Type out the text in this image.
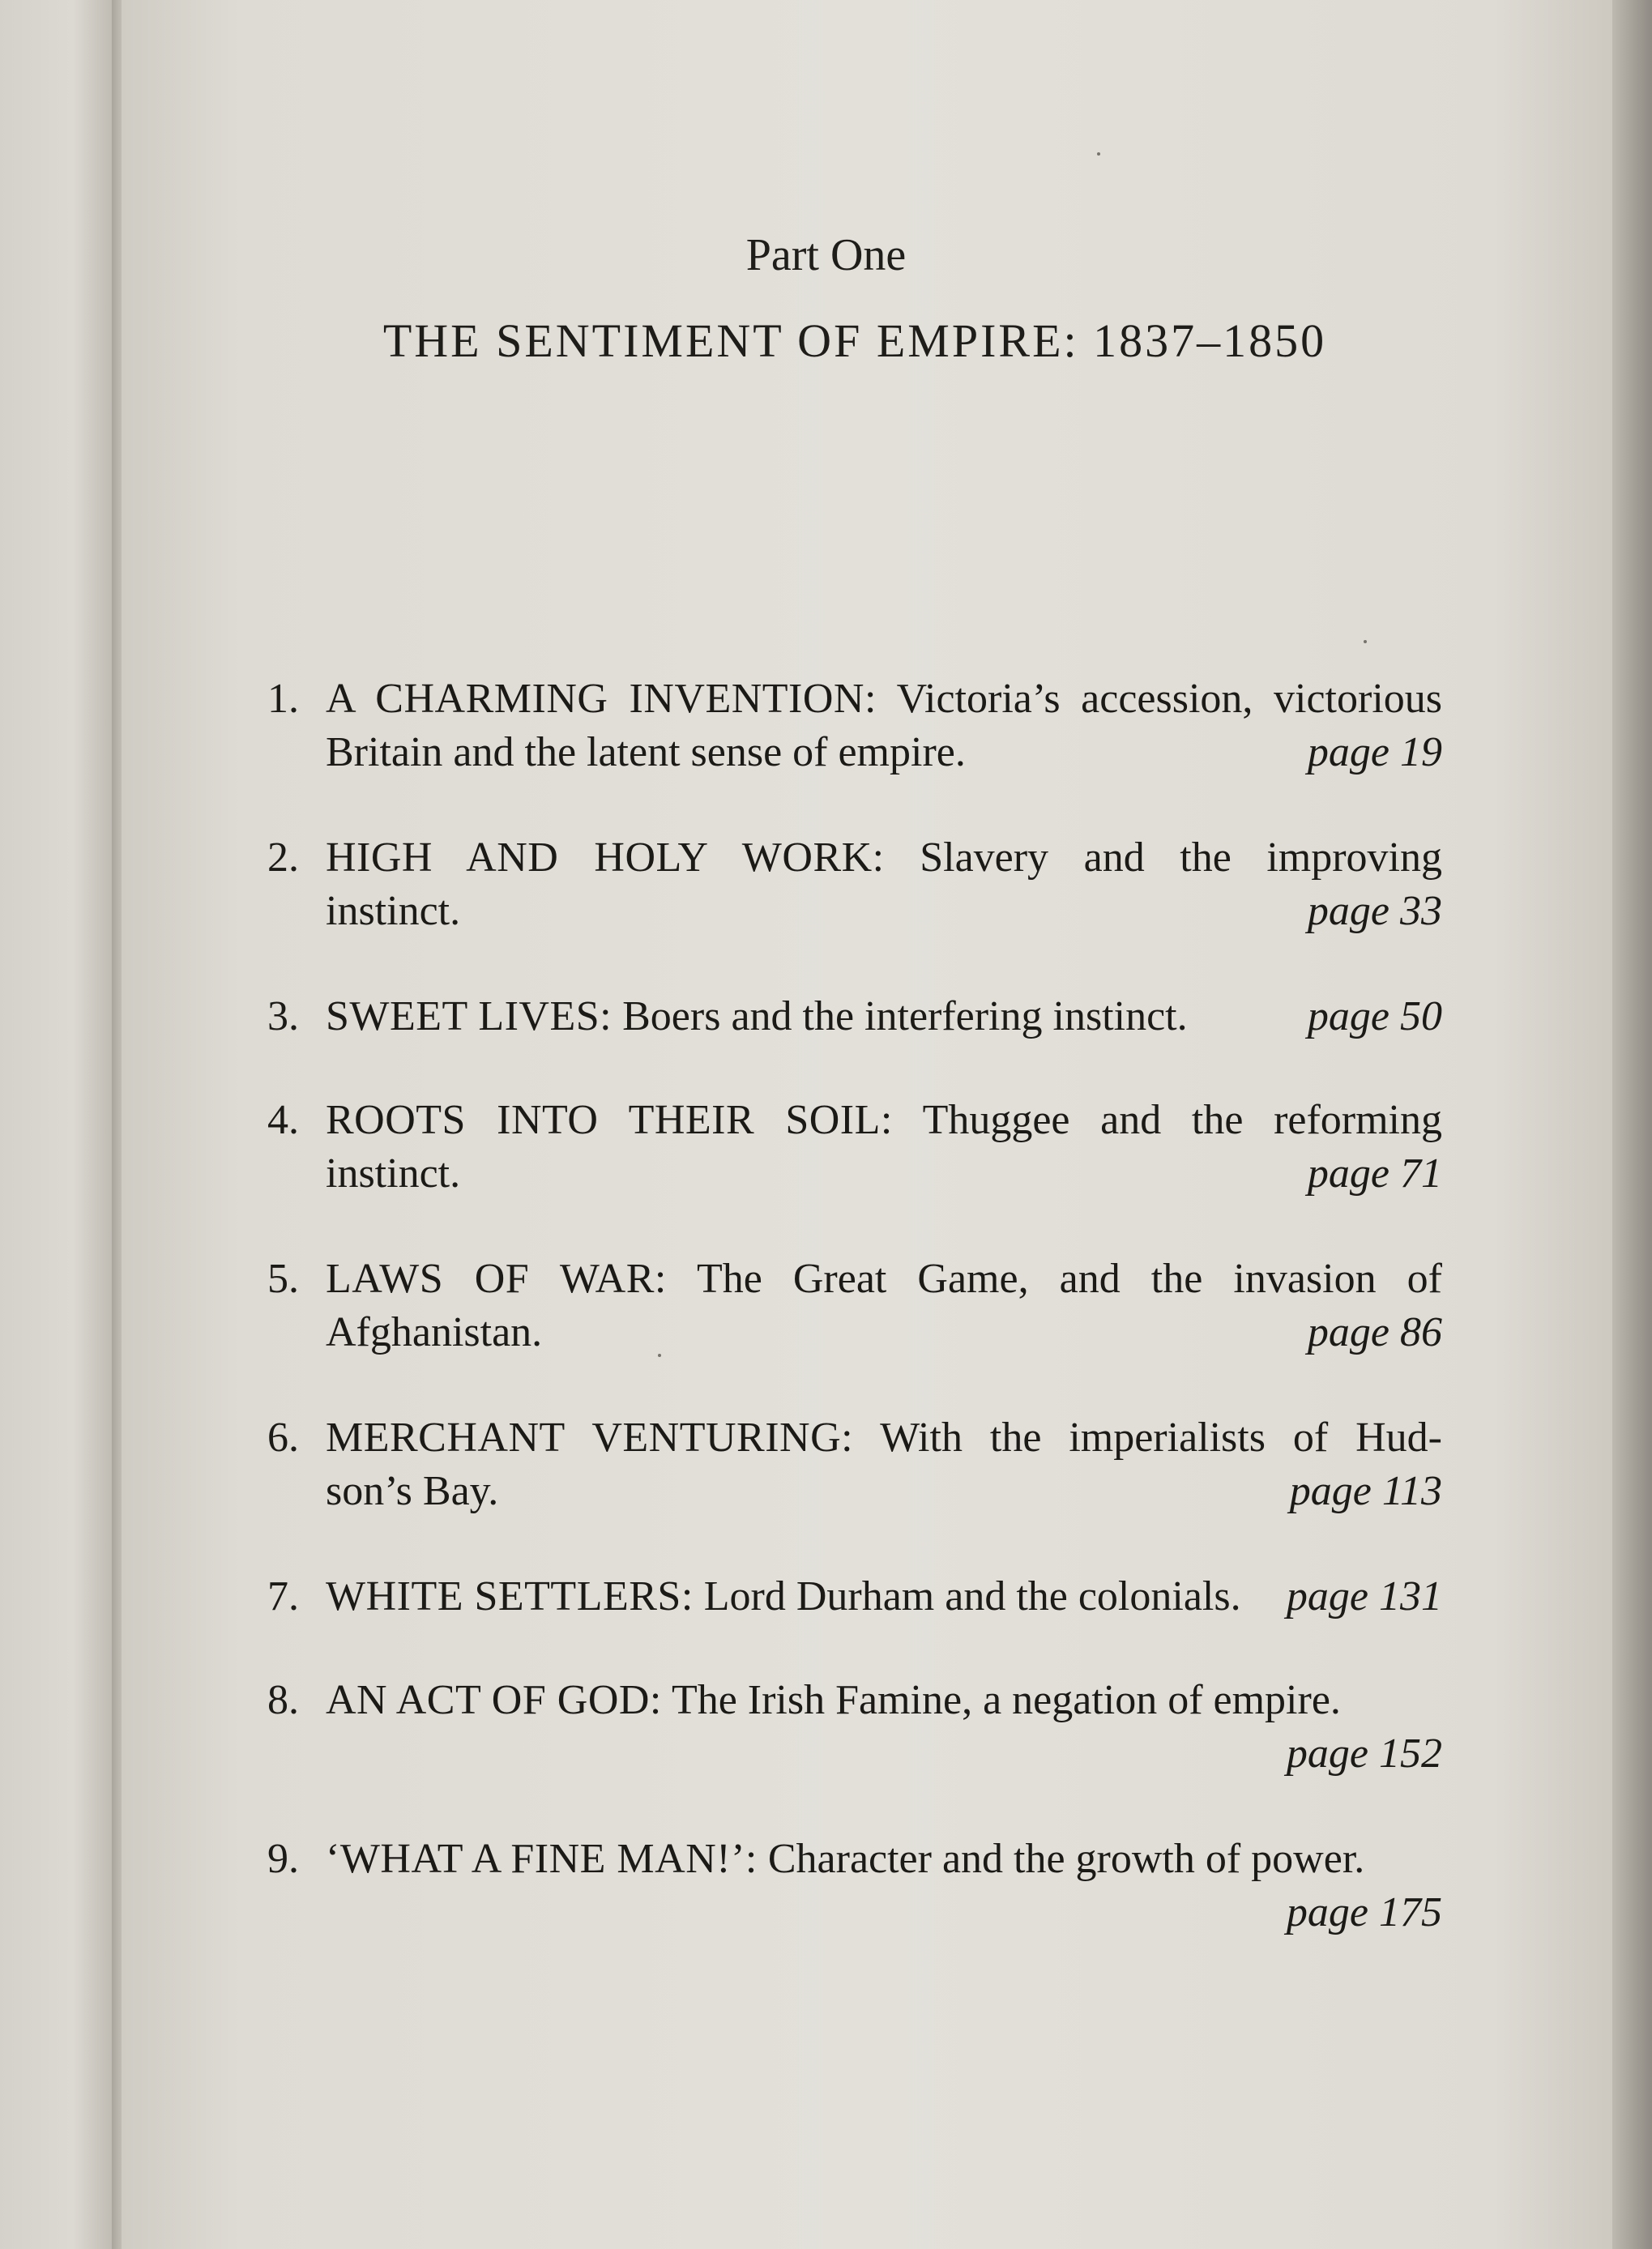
Part One
THE SENTIMENT OF EMPIRE: 1837–1850
1. A CHARMING INVENTION: Victoria’s accession, victorious
Britain and the latent sense of empire.	page 19
2. HIGH AND HOLY WORK: Slavery and the improving
instinct.	page 33
3. SWEET LIVES: Boers and the interfering instinct.	page 50
4. ROOTS INTO THEIR SOIL: Thuggee and the reforming
instinct.	page 71
5. LAWS OF WAR: The Great Game, and the invasion of
Afghanistan.	page 86
6. MERCHANT VENTURING: With the imperialists of Hud-
son’s Bay.	page 113
7. WHITE SETTLERS: Lord Durham and the colonials. page 131
8. AN ACT OF GOD: The Irish Famine, a negation of empire.
page 152
9. ‘WHAT A FINE MAN!’: Character and the growth of power.
page 175
